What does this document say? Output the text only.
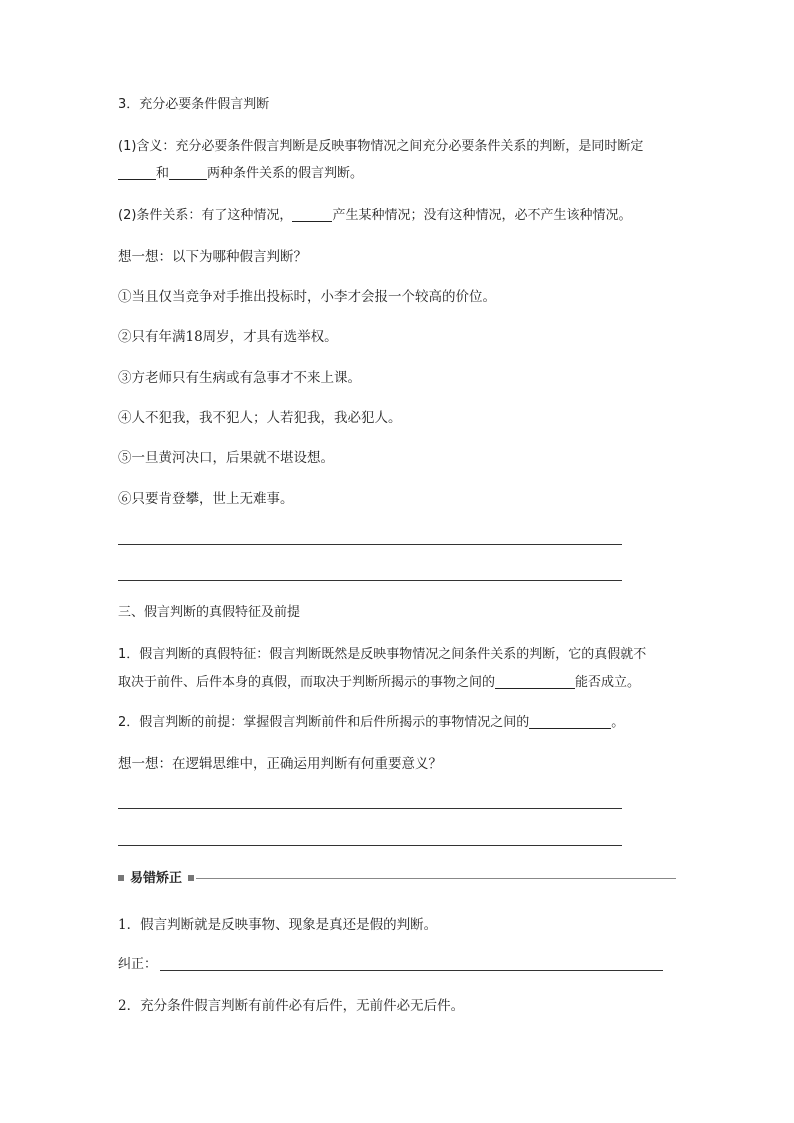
3．充分必要条件假言判断
(1)含义：充分必要条件假言判断是反映事物情况之间充分必要条件关系的判断，是同时断定
和	两种条件关系的假言判断。
(2)条件关系：有了这种情况，	产生某种情况；没有这种情况，必不产生该种情况。
想一想：以下为哪种假言判断？
①当且仅当竞争对手推出投标时，小李才会报一个较高的价位。
②只有年满18周岁，才具有选举权。
③方老师只有生病或有急事才不来上课。
④人不犯我，我不犯人；人若犯我，我必犯人。
⑤一旦黄河决口，后果就不堪设想。
⑥只要肯登攀，世上无难事。
三、假言判断的真假特征及前提
1．假言判断的真假特征：假言判断既然是反映事物情况之间条件关系的判断，它的真假就不
取决于前件、后件本身的真假，而取决于判断所揭示的事物之间的	能否成立。
2．假言判断的前提：掌握假言判断前件和后件所揭示的事物情况之间的	。
想一想：在逻辑思维中，正确运用判断有何重要意义？
易错矫正
1．假言判断就是反映事物、现象是真还是假的判断。
纠正：
2．充分条件假言判断有前件必有后件，无前件必无后件。
